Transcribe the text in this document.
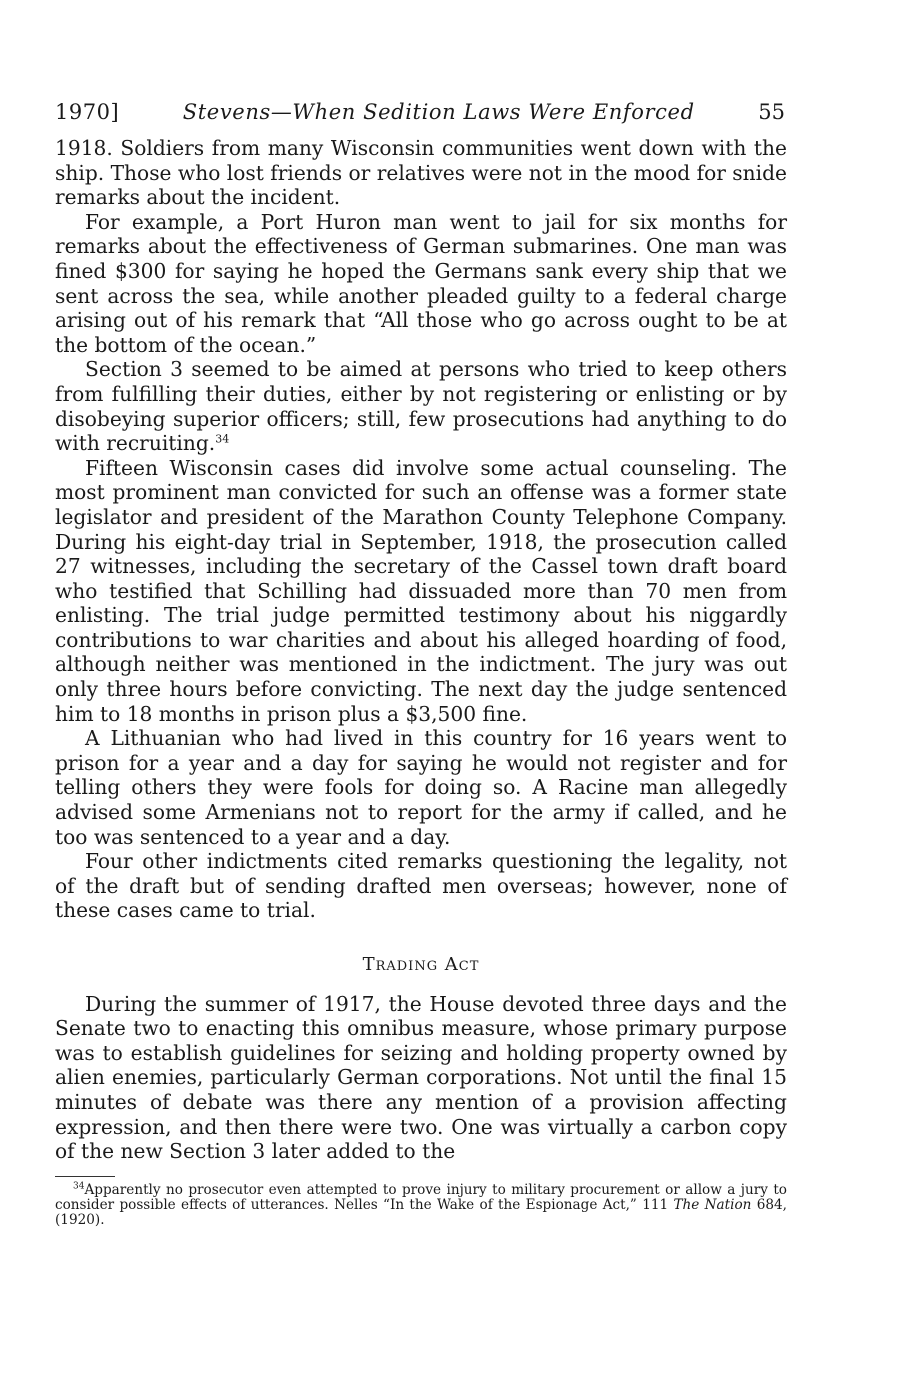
1970]	Stevens—When Sedition Laws Were Enforced	55

1918. Soldiers from many Wisconsin communities went down with the ship. Those who lost friends or relatives were not in the mood for snide remarks about the incident.

For example, a Port Huron man went to jail for six months for remarks about the effectiveness of German submarines. One man was fined $300 for saying he hoped the Germans sank every ship that we sent across the sea, while another pleaded guilty to a federal charge arising out of his remark that “All those who go across ought to be at the bottom of the ocean.”

Section 3 seemed to be aimed at persons who tried to keep others from fulfilling their duties, either by not registering or enlisting or by disobeying superior officers; still, few prosecutions had anything to do with recruiting.$^{34}$

Fifteen Wisconsin cases did involve some actual counseling. The most prominent man convicted for such an offense was a former state legislator and president of the Marathon County Telephone Company. During his eight-day trial in September, 1918, the prosecution called 27 witnesses, including the secretary of the Cassel town draft board who testified that Schilling had dissuaded more than 70 men from enlisting. The trial judge permitted testimony about his niggardly contributions to war charities and about his alleged hoarding of food, although neither was mentioned in the indictment. The jury was out only three hours before convicting. The next day the judge sentenced him to 18 months in prison plus a $3,500 fine.

A Lithuanian who had lived in this country for 16 years went to prison for a year and a day for saying he would not register and for telling others they were fools for doing so. A Racine man allegedly advised some Armenians not to report for the army if called, and he too was sentenced to a year and a day.

Four other indictments cited remarks questioning the legality, not of the draft but of sending drafted men overseas; however, none of these cases came to trial.

Trading Act

During the summer of 1917, the House devoted three days and the Senate two to enacting this omnibus measure, whose primary purpose was to establish guidelines for seizing and holding property owned by alien enemies, particularly German corporations. Not until the final 15 minutes of debate was there any mention of a provision affecting expression, and then there were two. One was virtually a carbon copy of the new Section 3 later added to the

$^{34}$Apparently no prosecutor even attempted to prove injury to military procurement or allow a jury to consider possible effects of utterances. Nelles “In the Wake of the Espionage Act,” 111 The Nation 684, (1920).
